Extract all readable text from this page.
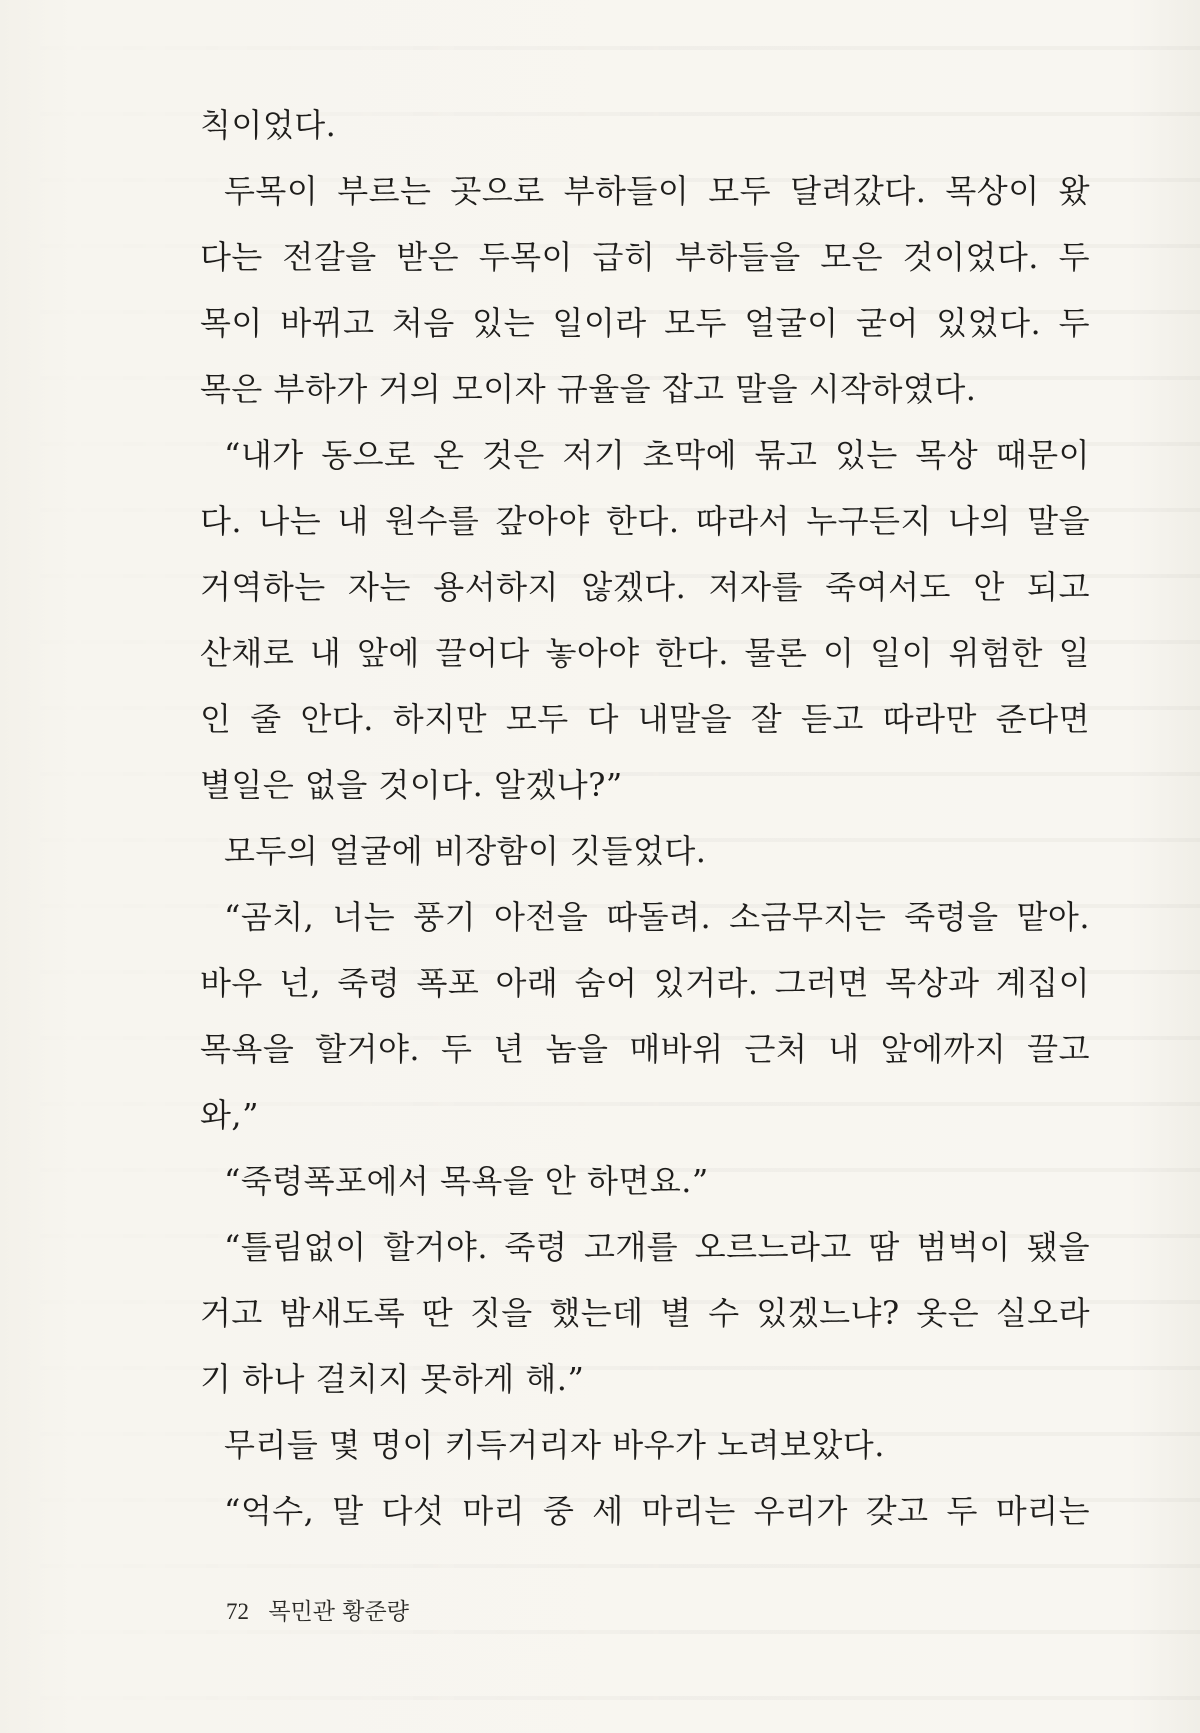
칙이었다.
두목이 부르는 곳으로 부하들이 모두 달려갔다. 목상이 왔
다는 전갈을 받은 두목이 급히 부하들을 모은 것이었다. 두
목이 바뀌고 처음 있는 일이라 모두 얼굴이 굳어 있었다. 두
목은 부하가 거의 모이자 규율을 잡고 말을 시작하였다.
“내가 동으로 온 것은 저기 초막에 묶고 있는 목상 때문이
다. 나는 내 원수를 갚아야 한다. 따라서 누구든지 나의 말을
거역하는 자는 용서하지 않겠다. 저자를 죽여서도 안 되고
산채로 내 앞에 끌어다 놓아야 한다. 물론 이 일이 위험한 일
인 줄 안다. 하지만 모두 다 내말을 잘 듣고 따라만 준다면
별일은 없을 것이다. 알겠나?”
모두의 얼굴에 비장함이 깃들었다.
“곰치, 너는 풍기 아전을 따돌려. 소금무지는 죽령을 맡아.
바우 넌, 죽령 폭포 아래 숨어 있거라. 그러면 목상과 계집이
목욕을 할거야. 두 년 놈을 매바위 근처 내 앞에까지 끌고
와,”
“죽령폭포에서 목욕을 안 하면요.”
“틀림없이 할거야. 죽령 고개를 오르느라고 땀 범벅이 됐을
거고 밤새도록 딴 짓을 했는데 별 수 있겠느냐? 옷은 실오라
기 하나 걸치지 못하게 해.”
무리들 몇 명이 키득거리자 바우가 노려보았다.
“억수, 말 다섯 마리 중 세 마리는 우리가 갖고 두 마리는
72 목민관 황준량
